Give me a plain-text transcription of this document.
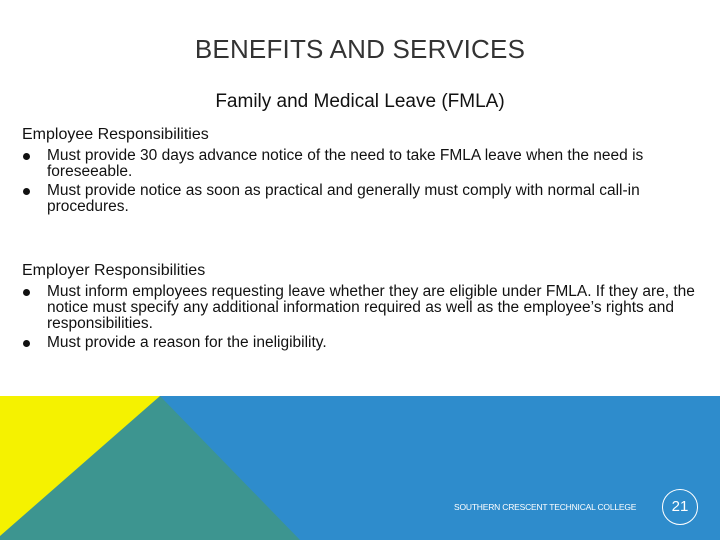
BENEFITS AND SERVICES
Family and Medical Leave (FMLA)
Employee Responsibilities
Must provide 30 days advance notice of the need to take FMLA leave when the need is foreseeable.
Must provide notice as soon as practical and generally must comply with normal call-in procedures.
Employer Responsibilities
Must inform employees requesting leave whether they are eligible under FMLA. If they are, the notice must specify any additional information required as well as the employee’s rights and responsibilities.
Must provide a reason for the ineligibility.
SOUTHERN CRESCENT TECHNICAL COLLEGE	21
